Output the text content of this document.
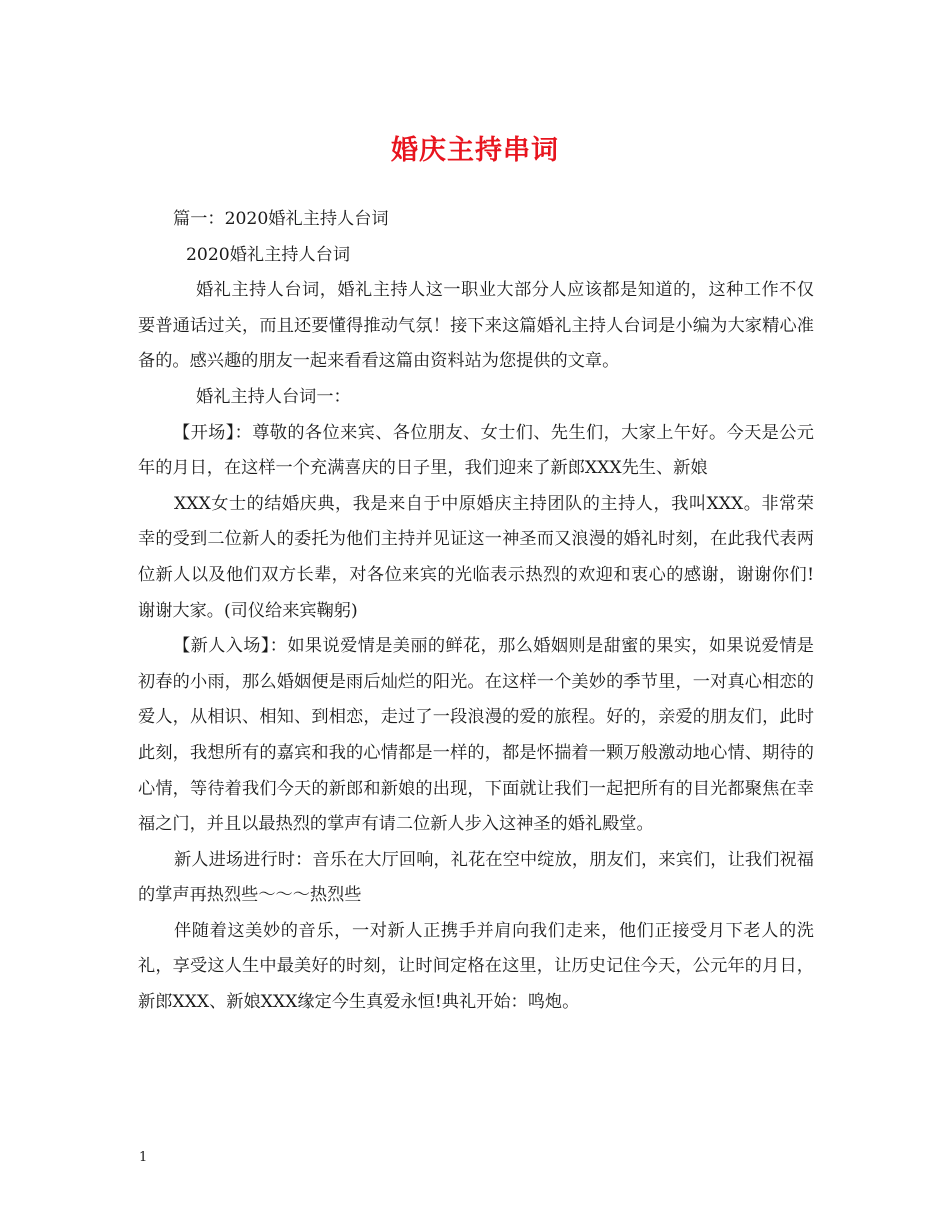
婚庆主持串词

篇一：2020婚礼主持人台词

2020婚礼主持人台词

婚礼主持人台词，婚礼主持人这一职业大部分人应该都是知道的，这种工作不仅要普通话过关，而且还要懂得推动气氛！接下来这篇婚礼主持人台词是小编为大家精心准备的。感兴趣的朋友一起来看看这篇由资料站为您提供的文章。

婚礼主持人台词一：

【开场】：尊敬的各位来宾、各位朋友、女士们、先生们，大家上午好。今天是公元 年的月日，在这样一个充满喜庆的日子里，我们迎来了新郎XXX先生、新娘

XXX女士的结婚庆典，我是来自于中原婚庆主持团队的主持人，我叫XXX。非常荣幸的受到二位新人的委托为他们主持并见证这一神圣而又浪漫的婚礼时刻，在此我代表两位新人以及他们双方长辈，对各位来宾的光临表示热烈的欢迎和衷心的感谢，谢谢你们!谢谢大家。(司仪给来宾鞠躬)

【新人入场】：如果说爱情是美丽的鲜花，那么婚姻则是甜蜜的果实，如果说爱情是初春的小雨，那么婚姻便是雨后灿烂的阳光。在这样一个美妙的季节里，一对真心相恋的爱人，从相识、相知、到相恋，走过了一段浪漫的爱的旅程。好的，亲爱的朋友们，此时此刻，我想所有的嘉宾和我的心情都是一样的，都是怀揣着一颗万般激动地心情、期待的心情，等待着我们今天的新郎和新娘的出现，下面就让我们一起把所有的目光都聚焦在幸福之门，并且以最热烈的掌声有请二位新人步入这神圣的婚礼殿堂。

新人进场进行时：音乐在大厅回响，礼花在空中绽放，朋友们，来宾们，让我们祝福的掌声再热烈些～～～热烈些

伴随着这美妙的音乐，一对新人正携手并肩向我们走来，他们正接受月下老人的洗礼，享受这人生中最美好的时刻，让时间定格在这里，让历史记住今天，公元年的月日，新郎XXX、新娘XXX缘定今生真爱永恒!典礼开始：鸣炮。

1
